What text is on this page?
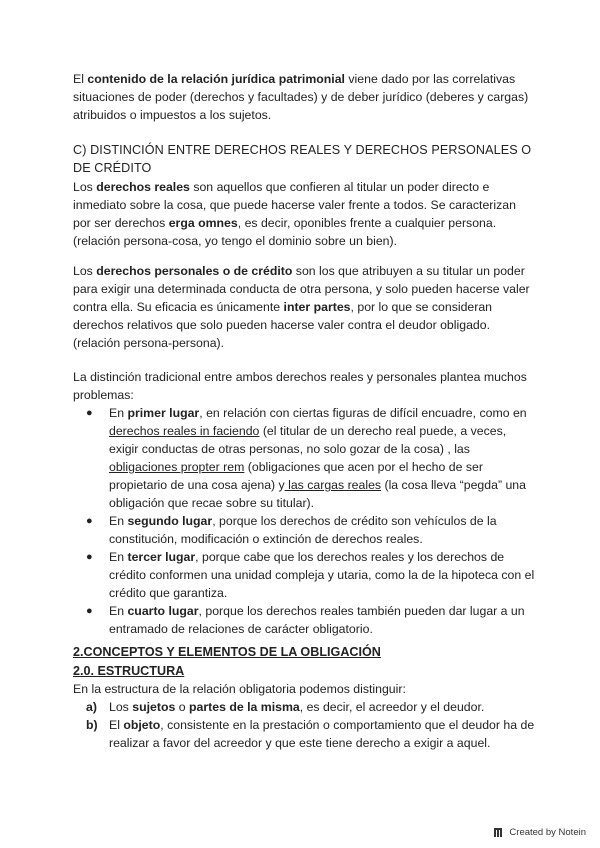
El contenido de la relación jurídica patrimonial viene dado por las correlativas situaciones de poder (derechos y facultades) y de deber jurídico (deberes y cargas) atribuidos o impuestos a los sujetos.

C) DISTINCIÓN ENTRE DERECHOS REALES Y DERECHOS PERSONALES O DE CRÉDITO

Los derechos reales son aquellos que confieren al titular un poder directo e inmediato sobre la cosa, que puede hacerse valer frente a todos. Se caracterizan por ser derechos erga omnes, es decir, oponibles frente a cualquier persona. (relación persona-cosa, yo tengo el dominio sobre un bien).

Los derechos personales o de crédito son los que atribuyen a su titular un poder para exigir una determinada conducta de otra persona, y solo pueden hacerse valer contra ella. Su eficacia es únicamente inter partes, por lo que se consideran derechos relativos que solo pueden hacerse valer contra el deudor obligado. (relación persona-persona).

La distinción tradicional entre ambos derechos reales y personales plantea muchos problemas:

● En primer lugar, en relación con ciertas figuras de difícil encuadre, como en derechos reales in faciendo (el titular de un derecho real puede, a veces, exigir conductas de otras personas, no solo gozar de la cosa) , las obligaciones propter rem (obligaciones que acen por el hecho de ser propietario de una cosa ajena) y las cargas reales (la cosa lleva “pegda” una obligación que recae sobre su titular).
● En segundo lugar, porque los derechos de crédito son vehículos de la constitución, modificación o extinción de derechos reales.
● En tercer lugar, porque cabe que los derechos reales y los derechos de crédito conformen una unidad compleja y utaria, como la de la hipoteca con el crédito que garantiza.
● En cuarto lugar, porque los derechos reales también pueden dar lugar a un entramado de relaciones de carácter obligatorio.

2.CONCEPTOS Y ELEMENTOS DE LA OBLIGACIÓN

2.0. ESTRUCTURA

En la estructura de la relación obligatoria podemos distinguir:

a) Los sujetos o partes de la misma, es decir, el acreedor y el deudor.
b) El objeto, consistente en la prestación o comportamiento que el deudor ha de realizar a favor del acreedor y que este tiene derecho a exigir a aquel.
Created by Notein
